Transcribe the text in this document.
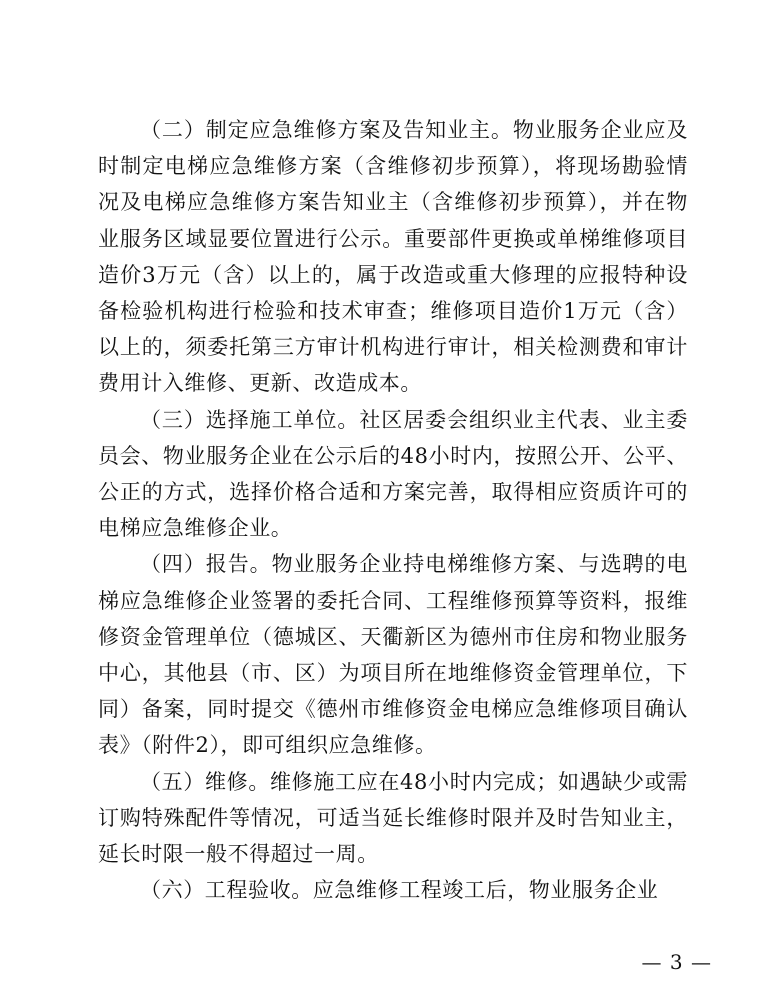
（二）制定应急维修方案及告知业主。物业服务企业应及时制定电梯应急维修方案（含维修初步预算），将现场勘验情况及电梯应急维修方案告知业主（含维修初步预算），并在物业服务区域显要位置进行公示。重要部件更换或单梯维修项目造价3万元（含）以上的，属于改造或重大修理的应报特种设备检验机构进行检验和技术审查；维修项目造价1万元（含）以上的，须委托第三方审计机构进行审计，相关检测费和审计费用计入维修、更新、改造成本。

（三）选择施工单位。社区居委会组织业主代表、业主委员会、物业服务企业在公示后的48小时内，按照公开、公平、公正的方式，选择价格合适和方案完善，取得相应资质许可的电梯应急维修企业。

（四）报告。物业服务企业持电梯维修方案、与选聘的电梯应急维修企业签署的委托合同、工程维修预算等资料，报维修资金管理单位（德城区、天衢新区为德州市住房和物业服务中心，其他县（市、区）为项目所在地维修资金管理单位，下同）备案，同时提交《德州市维修资金电梯应急维修项目确认表》（附件2），即可组织应急维修。

（五）维修。维修施工应在48小时内完成；如遇缺少或需订购特殊配件等情况，可适当延长维修时限并及时告知业主，延长时限一般不得超过一周。

（六）工程验收。应急维修工程竣工后，物业服务企业

— 3 —
